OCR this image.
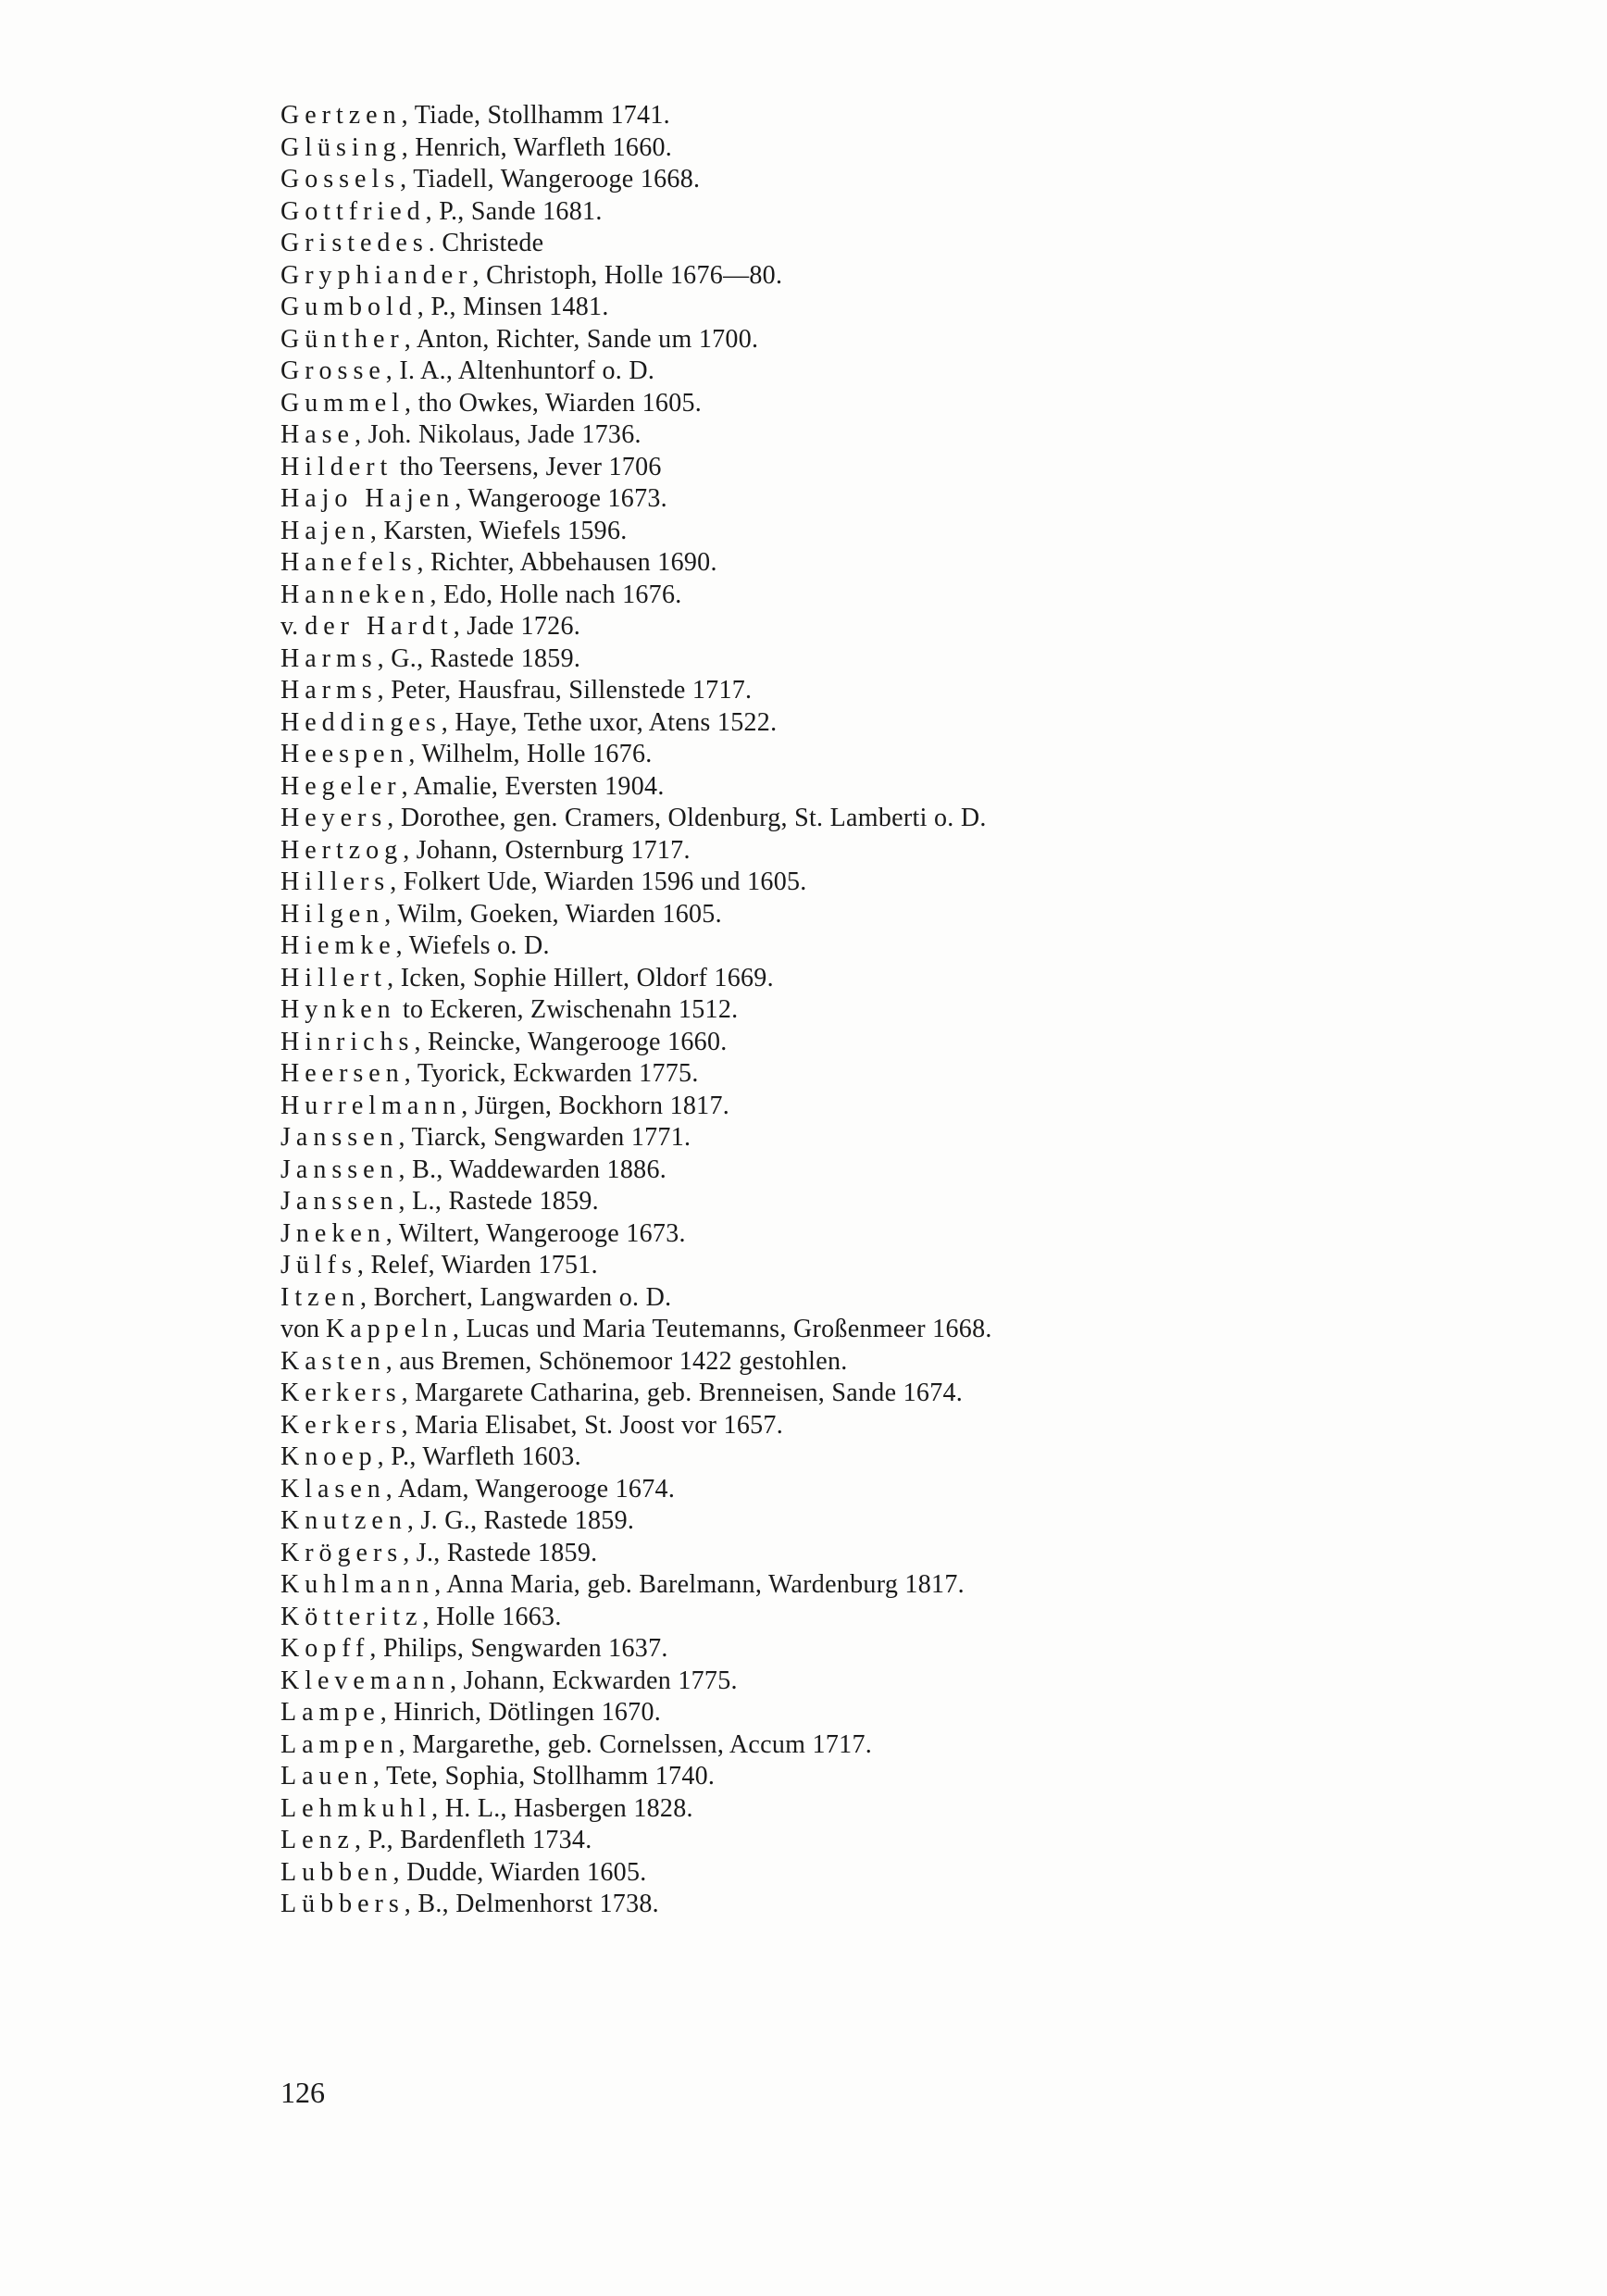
Gertzen, Tiade, Stollhamm 1741.
Glüsing, Henrich, Warfleth 1660.
Gossels, Tiadell, Wangerooge 1668.
Gottfried, P., Sande 1681.
Gristedes. Christede
Gryphiander, Christoph, Holle 1676—80.
Gumbold, P., Minsen 1481.
Günther, Anton, Richter, Sande um 1700.
Grosse, I. A., Altenhuntorf o. D.
Gummel, tho Owkes, Wiarden 1605.
Hase, Joh. Nikolaus, Jade 1736.
Hildert tho Teersens, Jever 1706
Hajo Hajen, Wangerooge 1673.
Hajen, Karsten, Wiefels 1596.
Hanefels, Richter, Abbehausen 1690.
Hanneken, Edo, Holle nach 1676.
v. der Hardt, Jade 1726.
Harms, G., Rastede 1859.
Harms, Peter, Hausfrau, Sillenstede 1717.
Heddinges, Haye, Tethe uxor, Atens 1522.
Heespen, Wilhelm, Holle 1676.
Hegeler, Amalie, Eversten 1904.
Heyers, Dorothee, gen. Cramers, Oldenburg, St. Lamberti o. D.
Hertzog, Johann, Osternburg 1717.
Hillers, Folkert Ude, Wiarden 1596 und 1605.
Hilgen, Wilm, Goeken, Wiarden 1605.
Hiemke, Wiefels o. D.
Hillert, Icken, Sophie Hillert, Oldorf 1669.
Hynken to Eckeren, Zwischenahn 1512.
Hinrichs, Reincke, Wangerooge 1660.
Heersen, Tyorick, Eckwarden 1775.
Hurrelmann, Jürgen, Bockhorn 1817.
Janssen, Tiarck, Sengwarden 1771.
Janssen, B., Waddewarden 1886.
Janssen, L., Rastede 1859.
Jneken, Wiltert, Wangerooge 1673.
Jülfs, Relef, Wiarden 1751.
Itzen, Borchert, Langwarden o. D.
von Kappeln, Lucas und Maria Teutemanns, Großenmeer 1668.
Kasten, aus Bremen, Schönemoor 1422 gestohlen.
Kerkers, Margarete Catharina, geb. Brenneisen, Sande 1674.
Kerkers, Maria Elisabet, St. Joost vor 1657.
Knoep, P., Warfleth 1603.
Klasen, Adam, Wangerooge 1674.
Knutzen, J. G., Rastede 1859.
Krögers, J., Rastede 1859.
Kuhlmann, Anna Maria, geb. Barelmann, Wardenburg 1817.
Kötteritz, Holle 1663.
Kopff, Philips, Sengwarden 1637.
Klevemann, Johann, Eckwarden 1775.
Lampe, Hinrich, Dötlingen 1670.
Lampen, Margarethe, geb. Cornelssen, Accum 1717.
Lauen, Tete, Sophia, Stollhamm 1740.
Lehmkuhl, H. L., Hasbergen 1828.
Lenz, P., Bardenfleth 1734.
Lubben, Dudde, Wiarden 1605.
Lübbers, B., Delmenhorst 1738.
126
